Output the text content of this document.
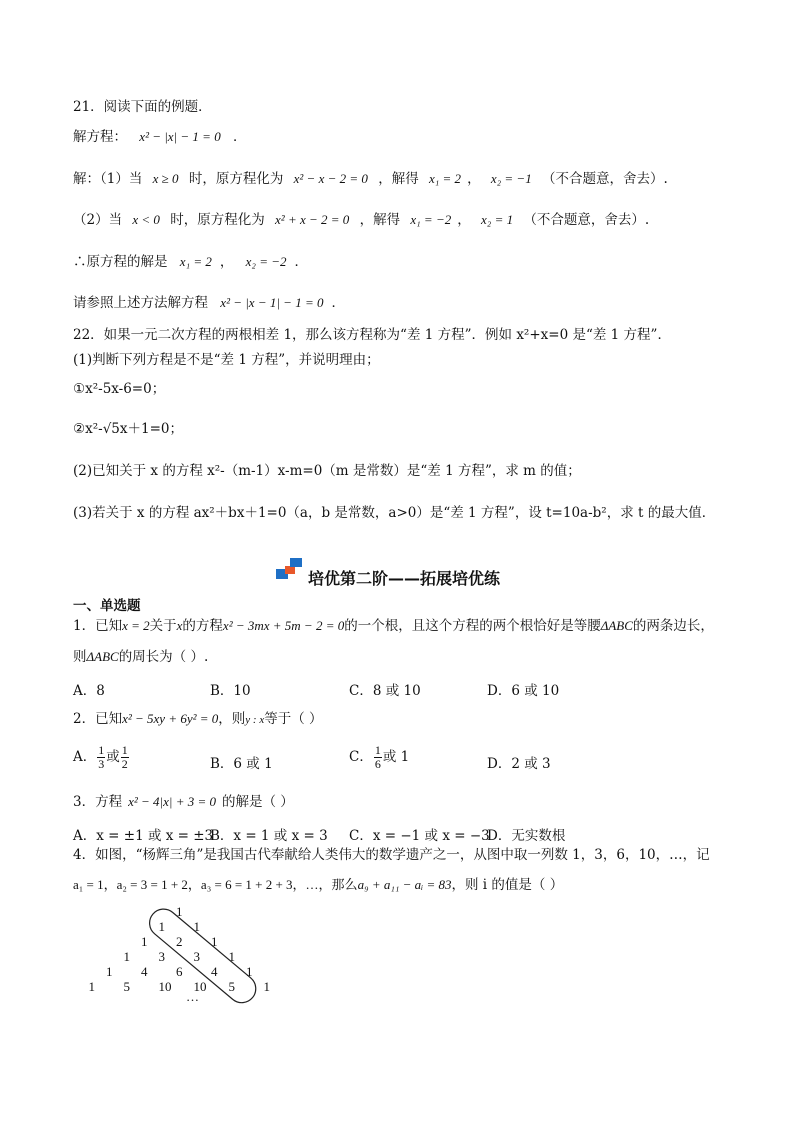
21．阅读下面的例题．
解方程： x² − |x| − 1 = 0 ．
解：（1）当 x ≥ 0 时，原方程化为 x² − x − 2 = 0 ，解得 x₁ = 2 ， x₂ = −1 （不合题意，舍去）.
（2）当 x < 0 时，原方程化为 x² + x − 2 = 0 ，解得 x₁ = −2 ， x₂ = 1 （不合题意，舍去）.
∴原方程的解是 x₁ = 2 ， x₂ = −2 ．
请参照上述方法解方程 x² − |x − 1| − 1 = 0 ．
22．如果一元二次方程的两根相差 1，那么该方程称为“差 1 方程”．例如 x²+x=0 是“差 1 方程”．
(1)判断下列方程是不是“差 1 方程”，并说明理由；
①x²-5x-6=0；
②x²-√5x＋1=0；
(2)已知关于 x 的方程 x²-（m-1）x-m=0（m 是常数）是“差 1 方程”，求 m 的值；
(3)若关于 x 的方程 ax²＋bx＋1=0（a，b 是常数，a>0）是“差 1 方程”，设 t=10a-b²，求 t 的最大值．
培优第二阶——拓展培优练
一、单选题
1．已知x = 2关于x的方程x² − 3mx + 5m − 2 = 0的一个根，且这个方程的两个根恰好是等腰ΔABC的两条边长，
则ΔABC的周长为（ ）.
A．8	B．10	C．8 或 10	D．6 或 10
2．已知x² − 5xy + 6y² = 0，则y : x等于（ ）
A． $\frac{1}{3}$ 或 $\frac{1}{2}$	B．6 或 1	C． $\frac{1}{6}$ 或 1	D．2 或 3
3．方程 x² − 4|x| + 3 = 0 的解是（ ）
A．x = ±1 或 x = ±3
B．x = 1 或 x = 3 C．x = −1 或 x = −3
D．无实数根
4．如图，“杨辉三角”是我国古代奉献给人类伟大的数学遗产之一，从图中取一列数 1，3，6，10，…，记
a₁ = 1，a₂ = 3 = 1 + 2，a₃ = 6 = 1 + 2 + 3，…，那么a₉ + a₁₁ − aᵢ = 83，则 i 的值是（ ）
1
1 1
1 2 1
1 3 3 1
1 4 6 4 1
1 5 10 10 5 1
…
